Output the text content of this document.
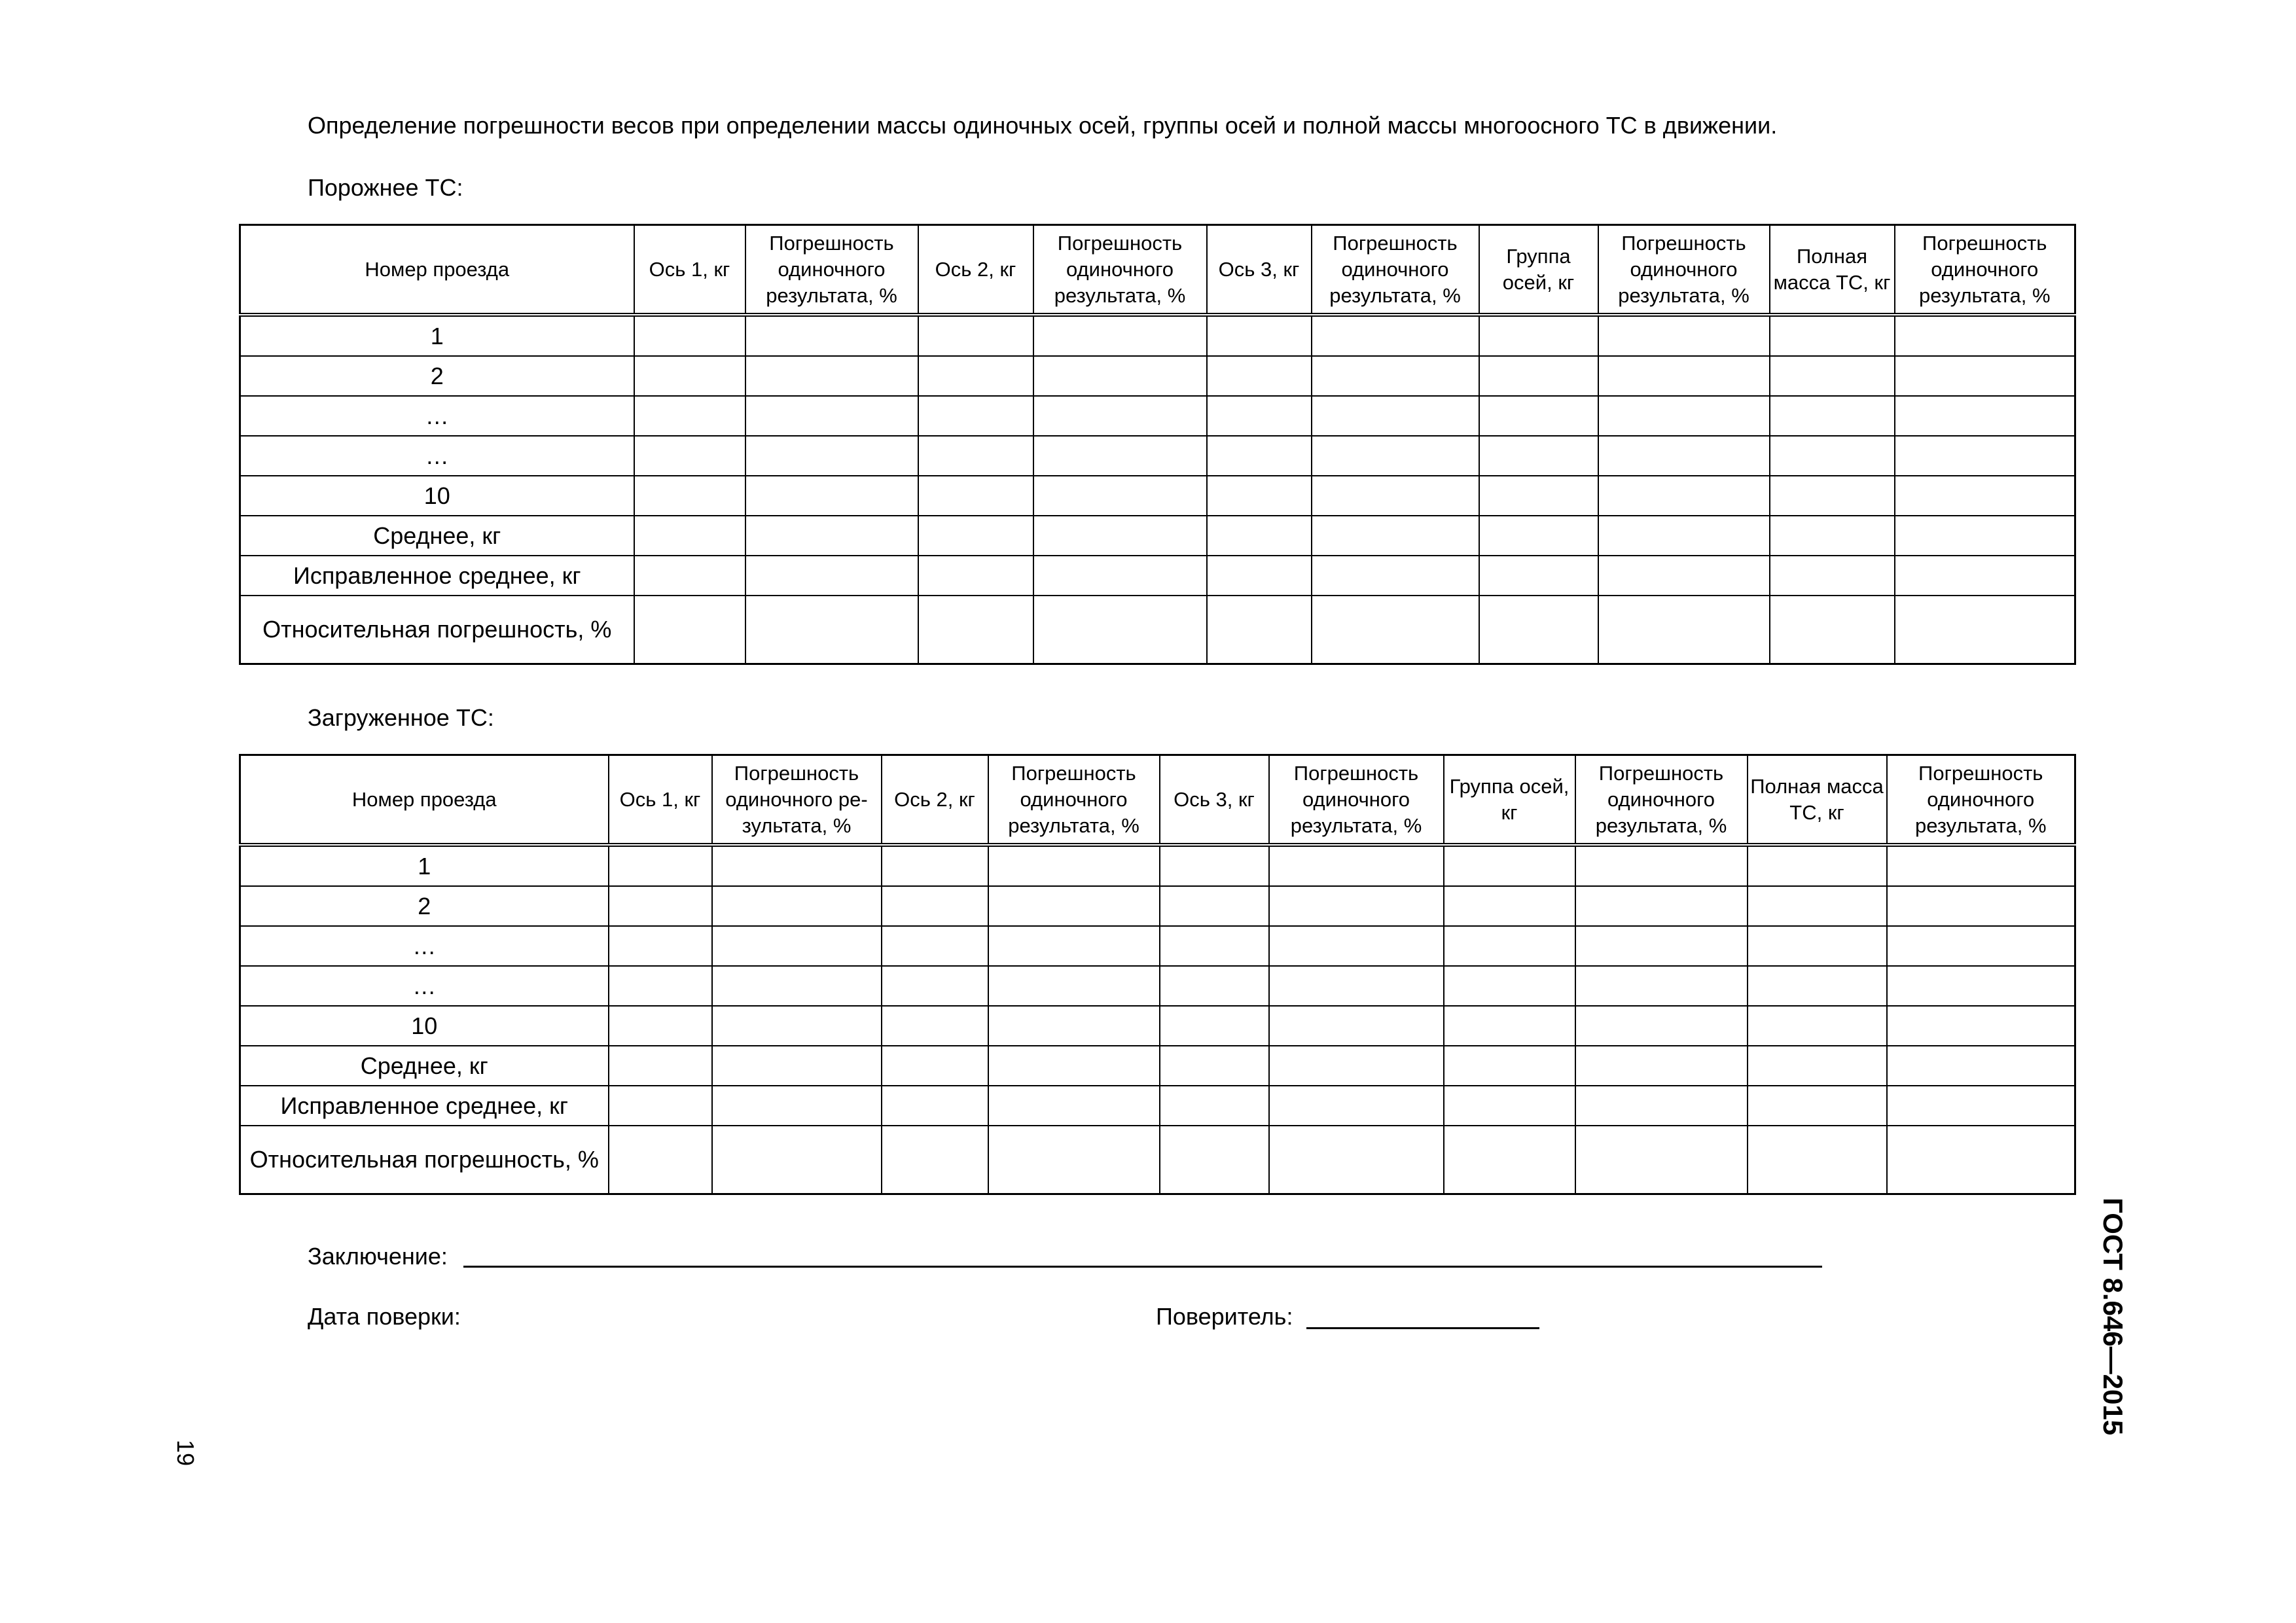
Определение погрешности весов при определении массы одиночных осей, группы осей и полной массы многоосного ТС в движении.
Порожнее ТС:
Номер проезда	Ось 1, кг	Погрешность одиночного результата, %	Ось 2, кг	Погрешность одиночного результата, %	Ось 3, кг	Погрешность одиночного результата, %	Группа осей, кг	Погрешность одиночного результата, %	Полная масса ТС, кг	Погрешность одиночного результата, %
1										
2										
…										
…										
10										
Среднее, кг										
Исправленное среднее, кг										
Относительная погрешность, %										
Загруженное ТС:
Номер проезда	Ось 1, кг	Погрешность одиночного ре-зультата, %	Ось 2, кг	Погрешность одиночного результата, %	Ось 3, кг	Погрешность одиночного результата, %	Группа осей, кг	Погрешность одиночного результата, %	Полная масса ТС, кг	Погрешность одиночного результата, %
1										
2										
…										
…										
10										
Среднее, кг										
Исправленное среднее, кг										
Относительная погрешность, %										
Заключение:
Дата поверки:	Поверитель:	ГОСТ 8.646—2015
19
